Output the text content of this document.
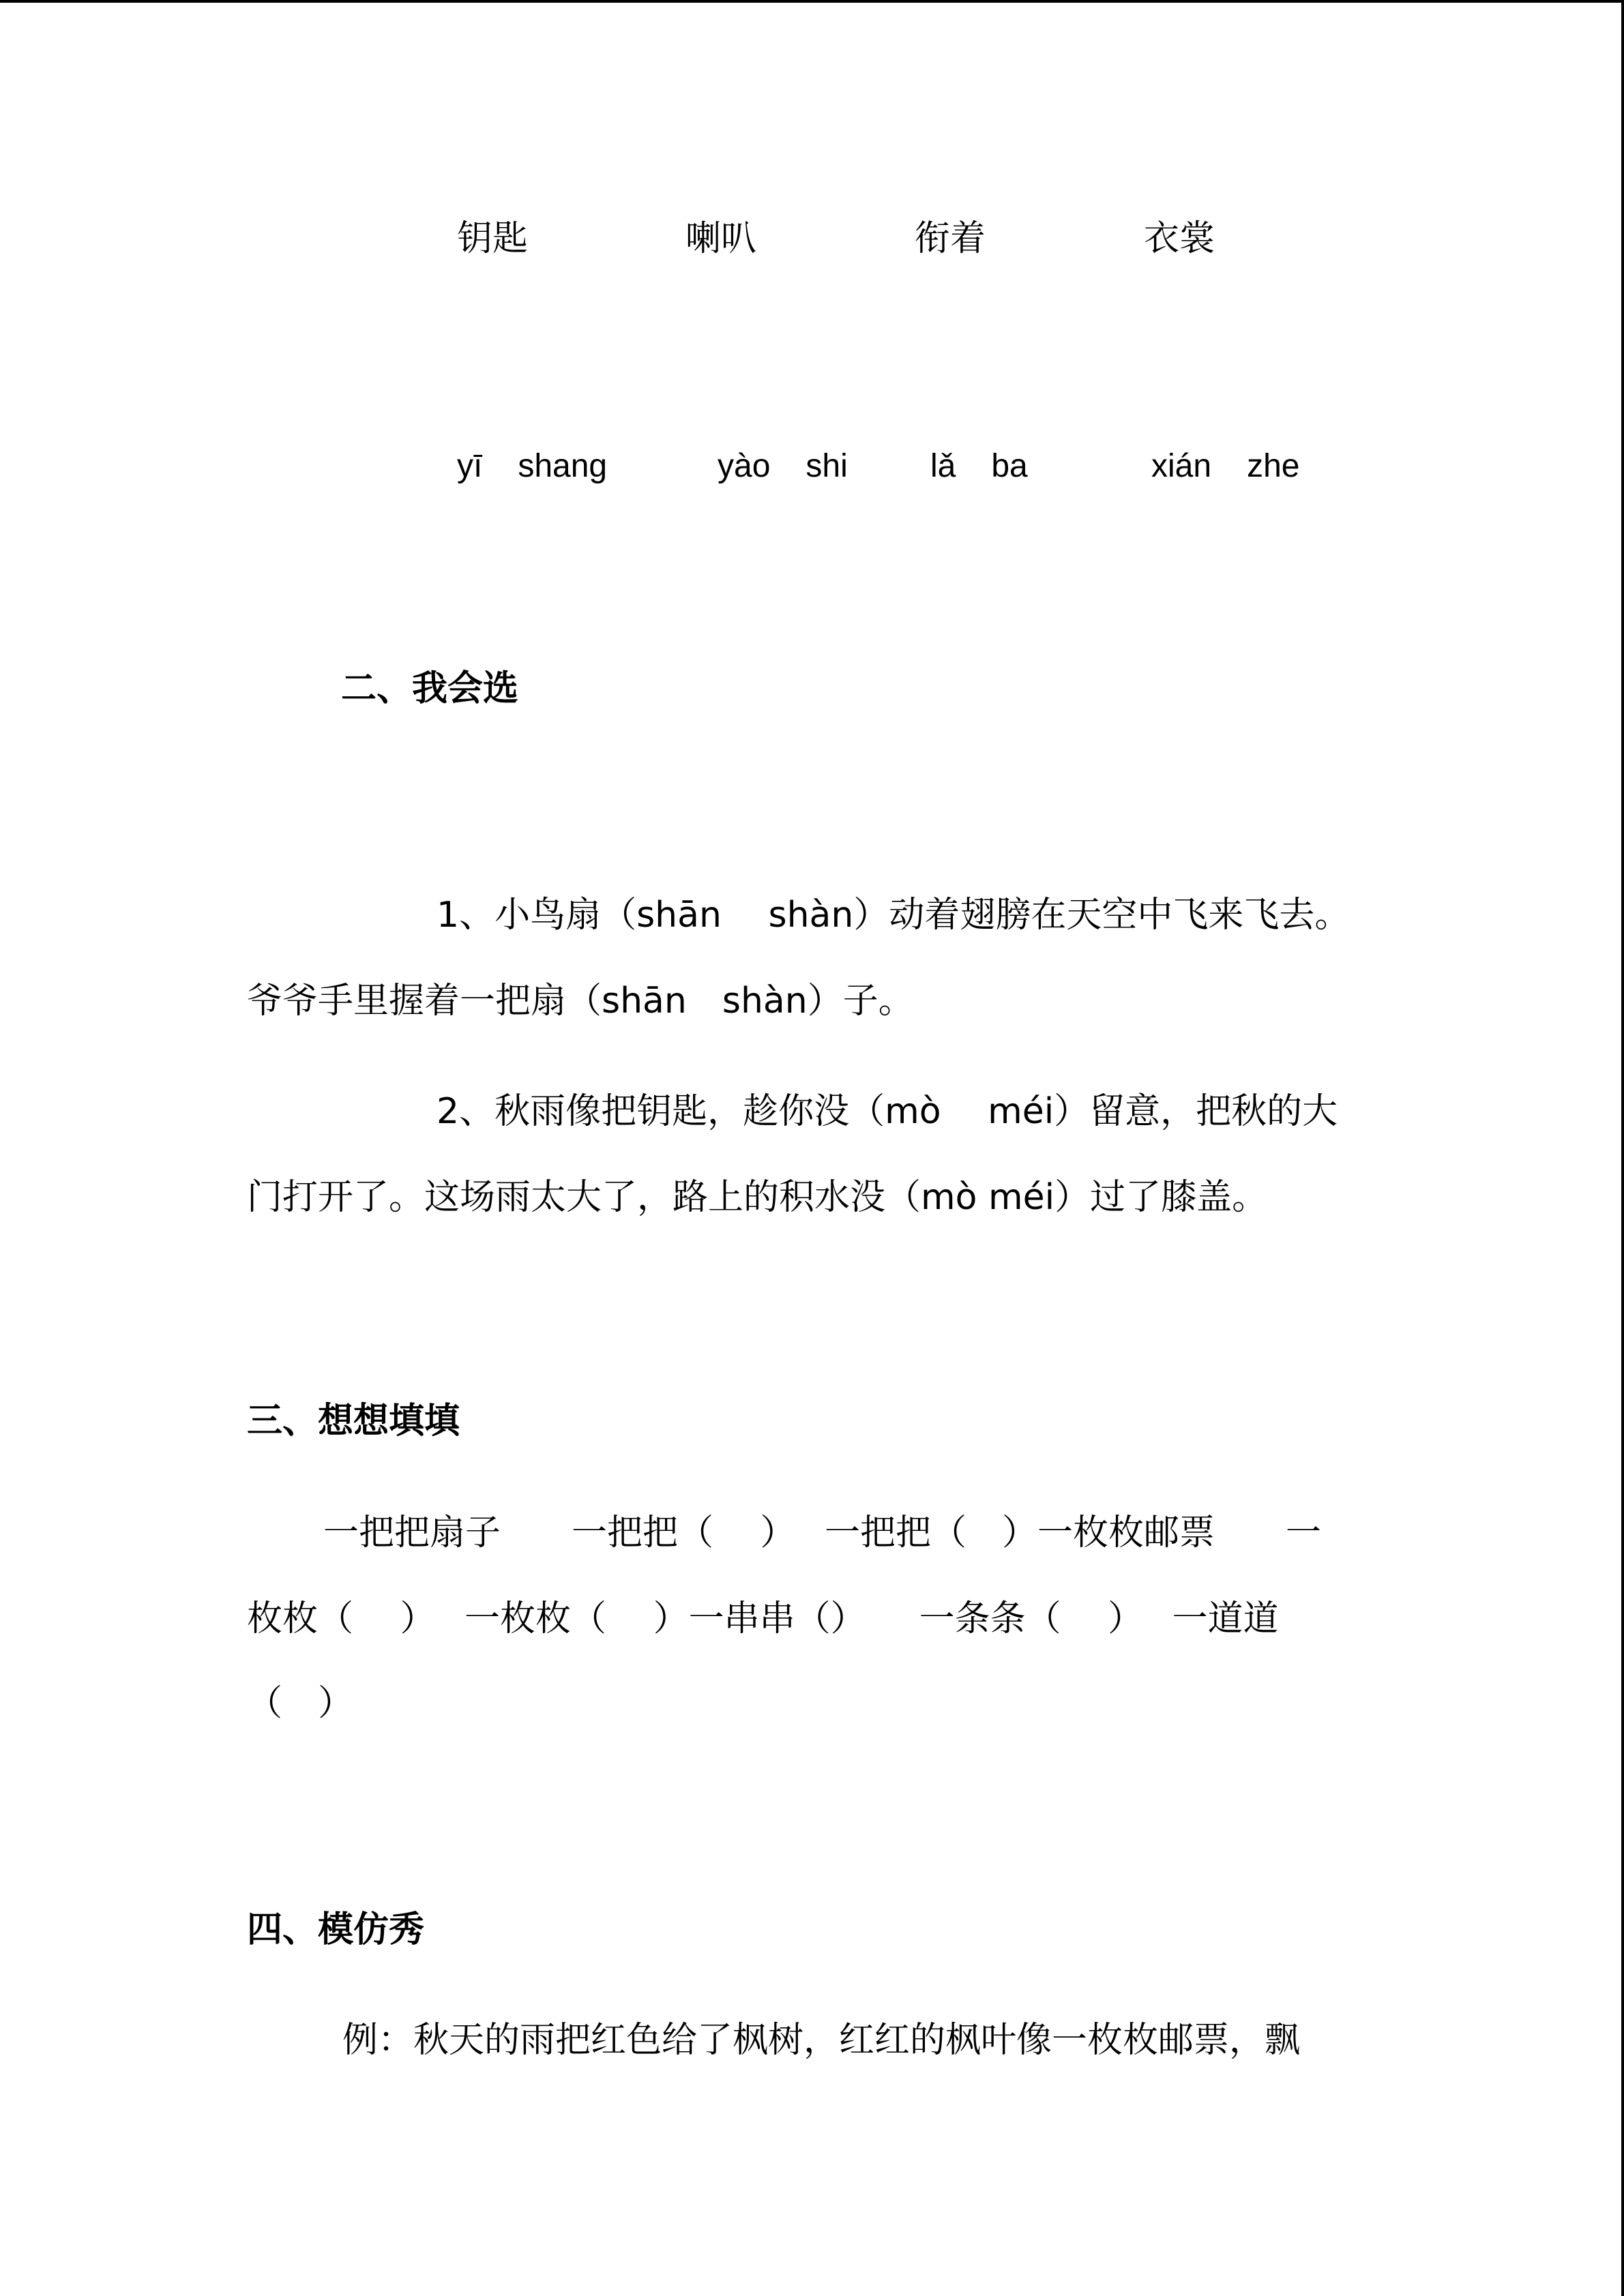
钥匙	喇叭	衔着	衣裳
yī shang	yào shi	lǎ ba	xián zhe
二、我会选
1、小鸟扇（shān　 shàn）动着翅膀在天空中飞来飞去。
爷爷手里握着一把扇（shān　shàn）子。
2、秋雨像把钥匙，趁你没（mò　 méi）留意，把秋的大
门打开了。这场雨太大了，路上的积水没（mò méi）过了膝盖。
三、想想填填
一把把扇子　　一把把（　 ）　 一把把（　）一枚枚邮票　　一
枚枚（　 ）　 一枚枚（　 ）一串串（）　　一条条（　 ）　 一道道
（　）
四、模仿秀
例：秋天的雨把红色给了枫树，红红的枫叶像一枚枚邮票，飘
